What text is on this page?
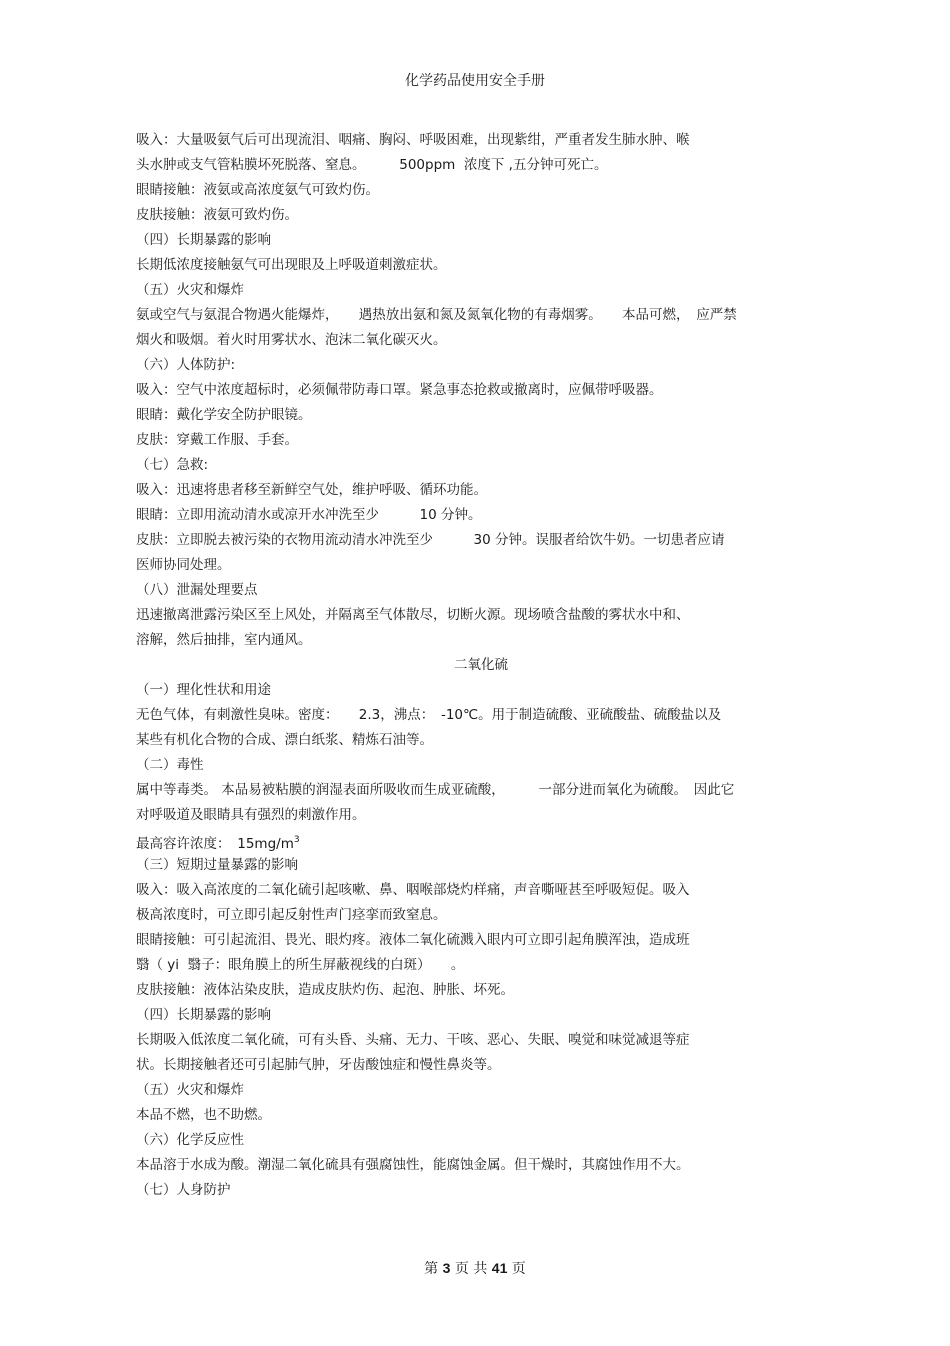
化学药品使用安全手册
吸入：大量吸氨气后可出现流泪、咽痛、胸闷、呼吸困难，出现紫绀，严重者发生肺水肿、喉
头水肿或支气管粘膜坏死脱落、窒息。　　　500ppm  浓度下 ,五分钟可死亡。
眼睛接触：液氨或高浓度氨气可致灼伤。
皮肤接触：液氨可致灼伤。
（四）长期暴露的影响
长期低浓度接触氨气可出现眼及上呼吸道刺激症状。
（五）火灾和爆炸
氨或空气与氨混合物遇火能爆炸，　　遇热放出氨和氮及氮氧化物的有毒烟雾。　　本品可燃，　应严禁
烟火和吸烟。着火时用雾状水、泡沫二氧化碳灭火。
（六）人体防护:
吸入：空气中浓度超标时，必须佩带防毒口罩。紧急事态抢救或撤离时，应佩带呼吸器。
眼睛：戴化学安全防护眼镜。
皮肤：穿戴工作服、手套。
（七）急救:
吸入：迅速将患者移至新鲜空气处，维护呼吸、循环功能。
眼睛：立即用流动清水或凉开水冲洗至少　　　10 分钟。
皮肤：立即脱去被污染的衣物用流动清水冲洗至少　　　30 分钟。误服者给饮牛奶。一切患者应请
医师协同处理。
（八）泄漏处理要点
迅速撤离泄露污染区至上风处，并隔离至气体散尽，切断火源。现场喷含盐酸的雾状水中和、
溶解，然后抽排，室内通风。
二氧化硫
（一）理化性状和用途
无色气体，有刺激性臭味。密度：　　2.3，沸点：　-10℃。用于制造硫酸、亚硫酸盐、硫酸盐以及
某些有机化合物的合成、漂白纸浆、精炼石油等。
（二）毒性
属中等毒类。 本品易被粘膜的润湿表面所吸收而生成亚硫酸，　　　一部分进而氧化为硫酸。　因此它
对呼吸道及眼睛具有强烈的刺激作用。
最高容许浓度：　$15mg/m^3$
（三）短期过量暴露的影响
吸入：吸入高浓度的二氧化硫引起咳嗽、鼻、咽喉部烧灼样痛，声音嘶哑甚至呼吸短促。吸入
极高浓度时，可立即引起反射性声门痉挛而致窒息。
眼睛接触：可引起流泪、畏光、眼灼疼。液体二氧化硫溅入眼内可立即引起角膜浑浊，造成班
翳（ yi  翳子：眼角膜上的所生屏蔽视线的白斑）　　。
皮肤接触：液体沾染皮肤，造成皮肤灼伤、起泡、肿胀、坏死。
（四）长期暴露的影响
长期吸入低浓度二氧化硫，可有头昏、头痛、无力、干咳、恶心、失眠、嗅觉和味觉减退等症
状。长期接触者还可引起肺气肿，牙齿酸蚀症和慢性鼻炎等。
（五）火灾和爆炸
本品不燃，也不助燃。
（六）化学反应性
本品溶于水成为酸。潮湿二氧化硫具有强腐蚀性，能腐蚀金属。但干燥时，其腐蚀作用不大。
（七）人身防护
第 3 页 共 41 页
